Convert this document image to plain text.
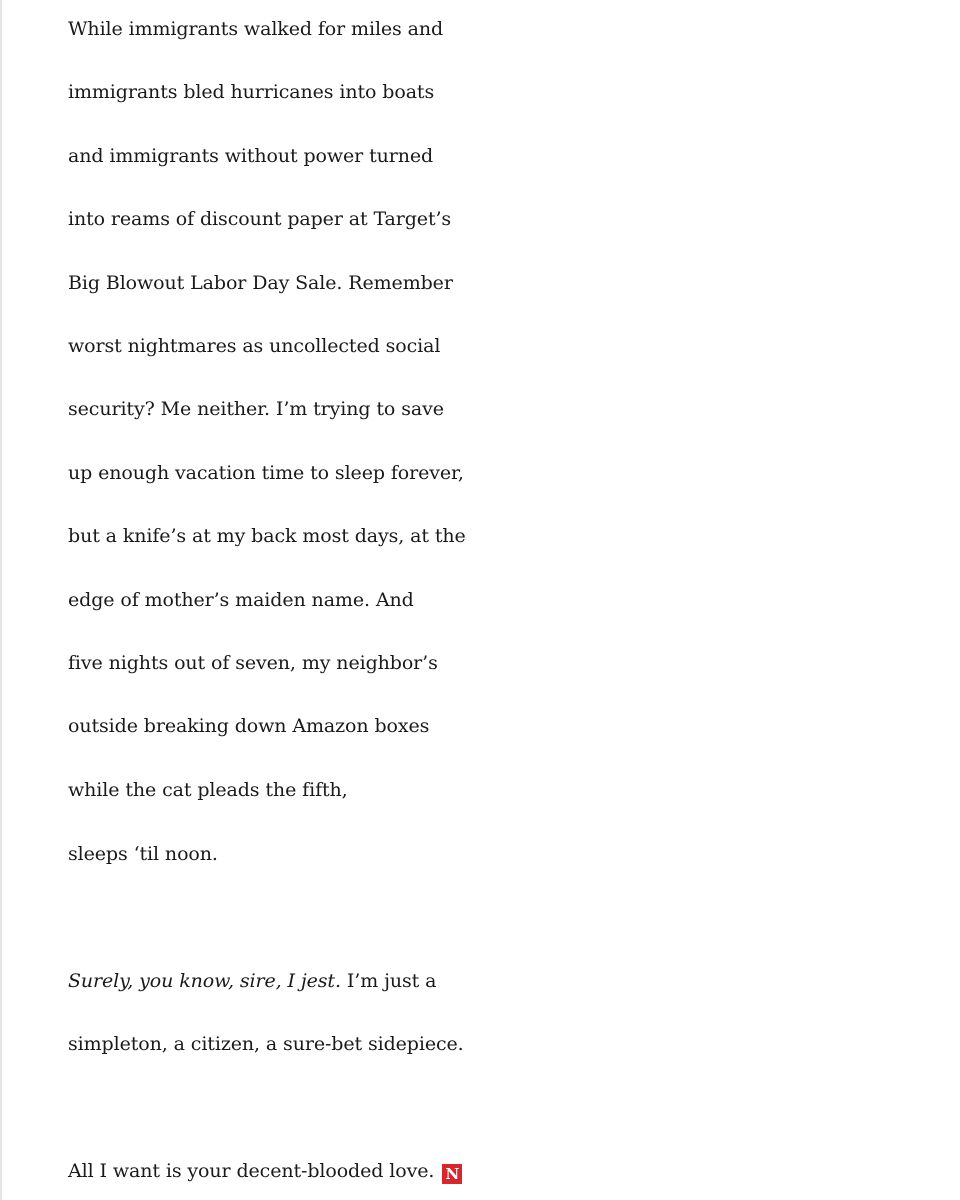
While immigrants walked for miles and
immigrants bled hurricanes into boats
and immigrants without power turned
into reams of discount paper at Target’s
Big Blowout Labor Day Sale. Remember
worst nightmares as uncollected social
security? Me neither. I’m trying to save
up enough vacation time to sleep forever,
but a knife’s at my back most days, at the
edge of mother’s maiden name. And
five nights out of seven, my neighbor’s
outside breaking down Amazon boxes
while the cat pleads the fifth,
sleeps ‘til noon.
Surely, you know, sire, I jest. I’m just a
simpleton, a citizen, a sure-bet sidepiece.
All I want is your decent-blooded love. N
